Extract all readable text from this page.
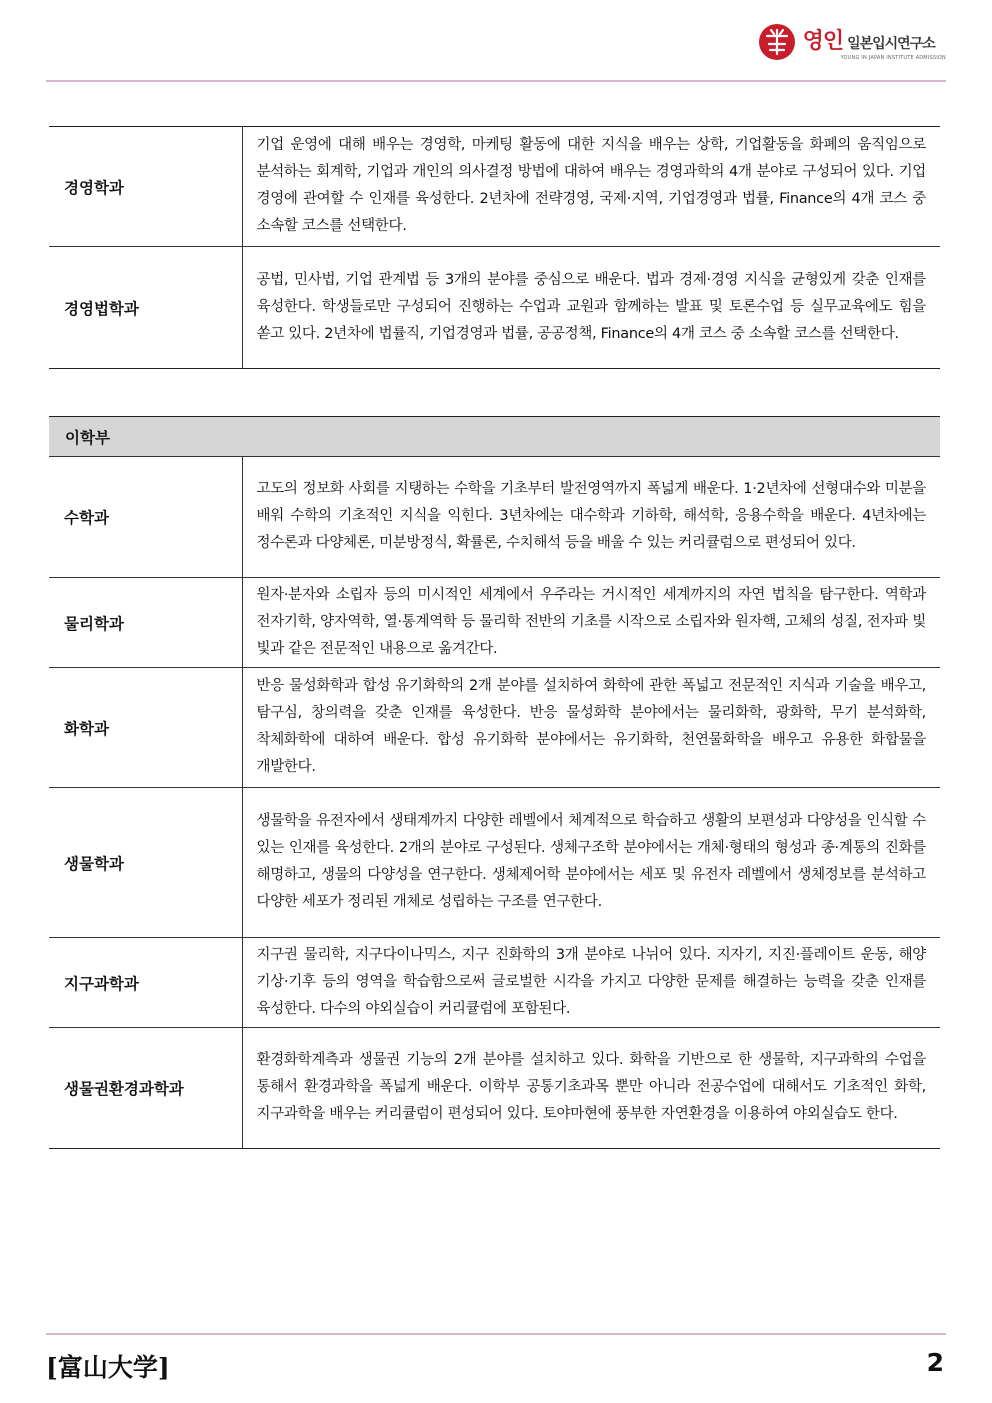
영인 일본입시연구소
YOUNG IN JAPAN INSTITUTE ADMISSION
경영학과	기업 운영에 대해 배우는 경영학, 마케팅 활동에 대한 지식을 배우는 상학, 기업활동을 화폐의 움직임으로 분석하는 회계학, 기업과 개인의 의사결정 방법에 대하여 배우는 경영과학의 4개 분야로 구성되어 있다. 기업 경영에 관여할 수 인재를 육성한다. 2년차에 전략경영, 국제·지역, 기업경영과 법률, Finance의 4개 코스 중 소속할 코스를 선택한다.
경영법학과	공법, 민사법, 기업 관계법 등 3개의 분야를 중심으로 배운다. 법과 경제·경영 지식을 균형있게 갖춘 인재를 육성한다. 학생들로만 구성되어 진행하는 수업과 교원과 함께하는 발표 및 토론수업 등 실무교육에도 힘을 쏟고 있다. 2년차에 법률직, 기업경영과 법률, 공공정책, Finance의 4개 코스 중 소속할 코스를 선택한다.
이학부	
수학과	고도의 정보화 사회를 지탱하는 수학을 기초부터 발전영역까지 폭넓게 배운다. 1·2년차에 선형대수와 미분을 배워 수학의 기초적인 지식을 익힌다. 3년차에는 대수학과 기하학, 해석학, 응용수학을 배운다. 4년차에는 정수론과 다양체론, 미분방정식, 확률론, 수치해석 등을 배울 수 있는 커리큘럼으로 편성되어 있다.
물리학과	원자·분자와 소립자 등의 미시적인 세계에서 우주라는 거시적인 세계까지의 자연 법칙을 탐구한다. 역학과 전자기학, 양자역학, 열·통계역학 등 물리학 전반의 기초를 시작으로 소립자와 원자핵, 고체의 성질, 전자파 빛 빛과 같은 전문적인 내용으로 옮겨간다.
화학과	반응 물성화학과 합성 유기화학의 2개 분야를 설치하여 화학에 관한 폭넓고 전문적인 지식과 기술을 배우고, 탐구심, 창의력을 갖춘 인재를 육성한다. 반응 물성화학 분야에서는 물리화학, 광화학, 무기 분석화학, 착체화학에 대하여 배운다. 합성 유기화학 분야에서는 유기화학, 천연물화학을 배우고 유용한 화합물을 개발한다.
생물학과	생물학을 유전자에서 생태계까지 다양한 레벨에서 체계적으로 학습하고 생활의 보편성과 다양성을 인식할 수 있는 인재를 육성한다. 2개의 분야로 구성된다. 생체구조학 분야에서는 개체·형태의 형성과 종·계통의 진화를 해명하고, 생물의 다양성을 연구한다. 생체제어학 분야에서는 세포 및 유전자 레벨에서 생체정보를 분석하고 다양한 세포가 정리된 개체로 성립하는 구조를 연구한다.
지구과학과	지구권 물리학, 지구다이나믹스, 지구 진화학의 3개 분야로 나뉘어 있다. 지자기, 지진·플레이트 운동, 해양 기상·기후 등의 영역을 학습함으로써 글로벌한 시각을 가지고 다양한 문제를 해결하는 능력을 갖춘 인재를 육성한다. 다수의 야외실습이 커리큘럼에 포함된다.
생물권환경과학과	환경화학계측과 생물권 기능의 2개 분야를 설치하고 있다. 화학을 기반으로 한 생물학, 지구과학의 수업을 통해서 환경과학을 폭넓게 배운다. 이학부 공통기초과목 뿐만 아니라 전공수업에 대해서도 기초적인 화학, 지구과학을 배우는 커리큘럼이 편성되어 있다. 토야마현에 풍부한 자연환경을 이용하여 야외실습도 한다.
[富山大学]	2
